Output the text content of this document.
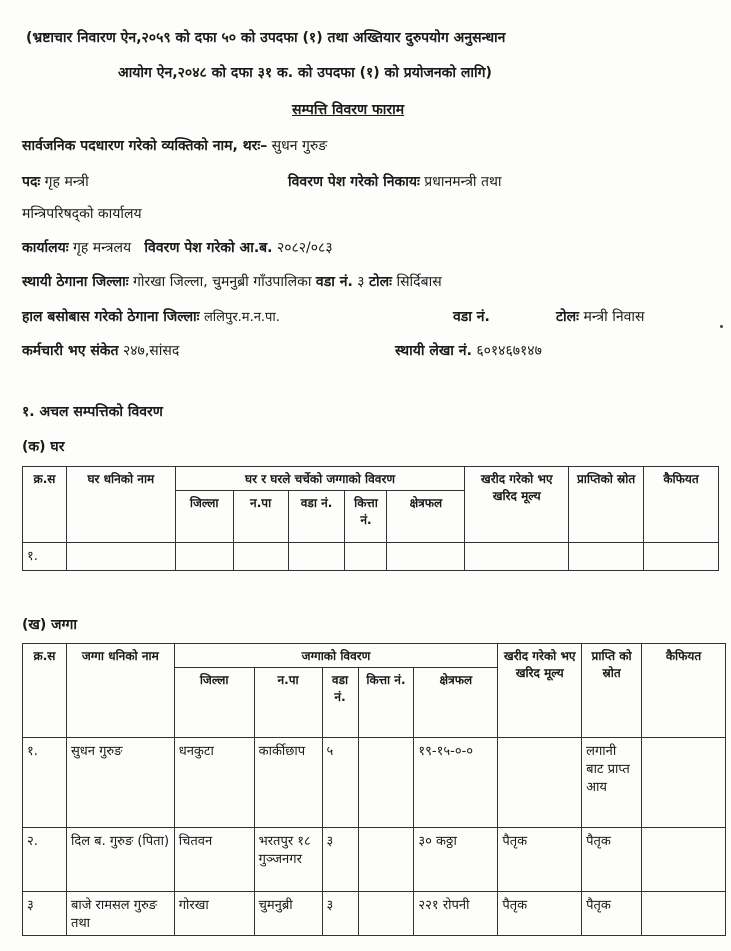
(भ्रष्टाचार निवारण ऐन,२०५९ को दफा ५० को उपदफा (१) तथा अख्तियार दुरुपयोग अनुसन्धान
आयोग ऐन,२०४८ को दफा ३१ क. को उपदफा (१) को प्रयोजनको लागि)
सम्पत्ति विवरण फाराम
सार्वजनिक पदधारण गरेको व्यक्तिको नाम, थरः– सुधन गुरुङ
पदः गृह मन्त्री	विवरण पेश गरेको निकायः प्रधानमन्त्री तथा
मन्त्रिपरिषद्को कार्यालय
कार्यालयः गृह मन्त्रलय विवरण पेश गरेको आ.ब. २०८२/०८३
स्थायी ठेगाना जिल्लाः गोरखा जिल्ला, चुमनुब्री गाँउपालिका वडा नं. ३ टोलः सिर्दिबास
हाल बसोबास गरेको ठेगाना जिल्लाः ललिपुर.म.न.पा.	वडा नं.	टोलः मन्त्री निवास
कर्मचारी भए संकेत २४७,सांसद	स्थायी लेखा नं. ६०१४६७१४७
१. अचल सम्पत्तिको विवरण
(क) घर
क्र.स	घर धनिको नाम	घर र घरले चर्चेको जग्गाको विवरण					खरीद गरेको भए खरिद मूल्य	प्राप्तिको स्रोत	कैफियत
		जिल्ला	न.पा	वडा नं.	कित्ता नं.	क्षेत्रफल			
१.									
(ख) जग्गा
क्र.स	जग्गा धनिको नाम	जग्गाको विवरण					खरीद गरेको भए खरिद मूल्य	प्राप्ति को स्रोत	कैफियत
		जिल्ला	न.पा	वडा नं.	कित्ता नं.	क्षेत्रफल			
१.	सुधन गुरुङ	धनकुटा	कार्कीछाप	५		१९-१५-०-०		लगानी बाट प्राप्त आय	
२.	दिल ब. गुरुङ (पिता)	चितवन	भरतपुर १८ गुञ्जनगर	३		३० कठ्ठा	पैतृक	पैतृक	
३	बाजे रामसल गुरुङ तथा	गोरखा	चुमनुब्री	३		२२१ रोपनी	पैतृक	पैतृक	
